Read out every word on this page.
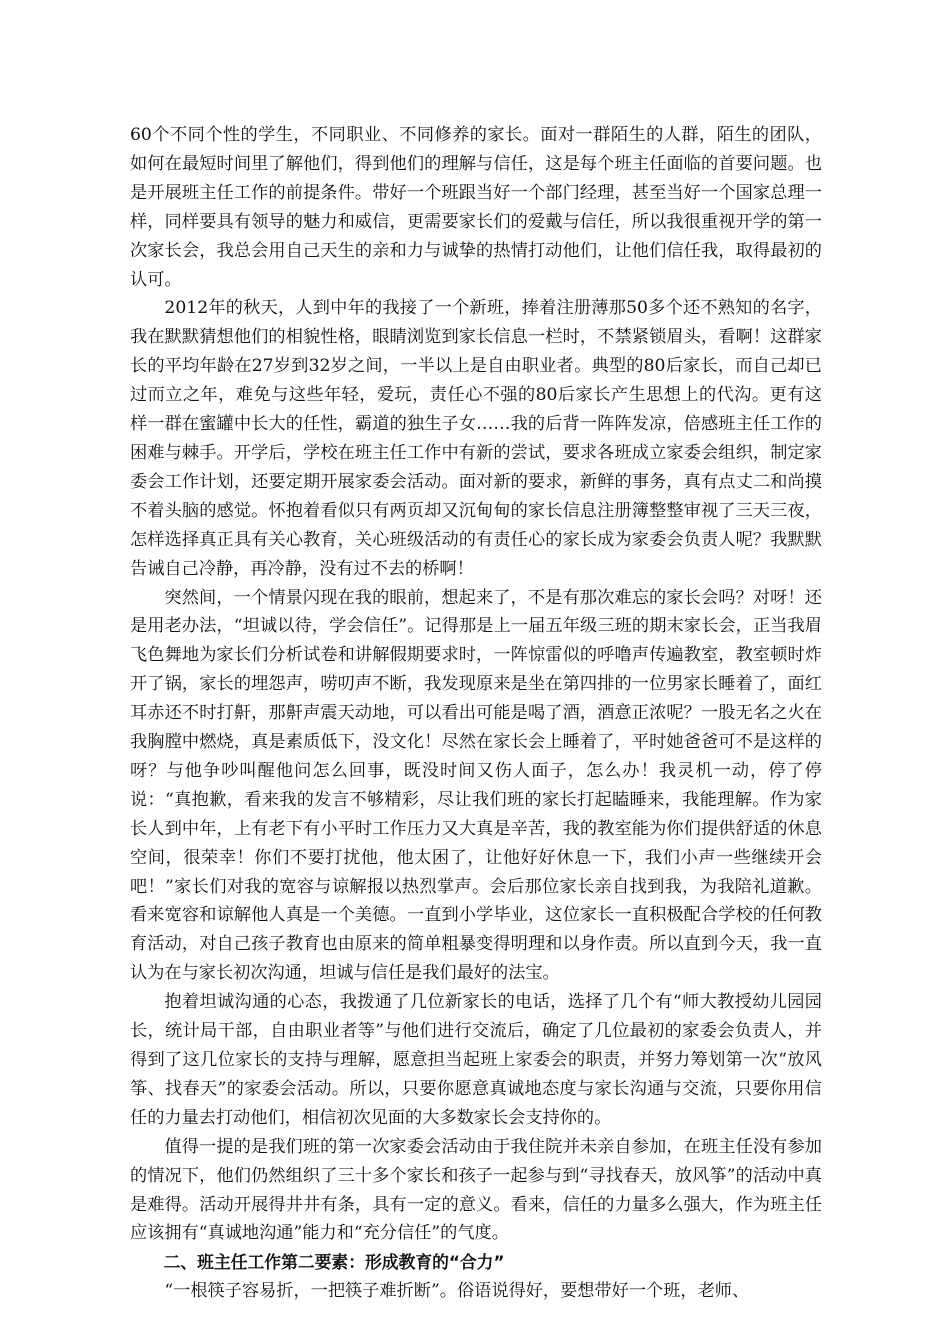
60个不同个性的学生，不同职业、不同修养的家长。面对一群陌生的人群，陌生的团队，如何在最短时间里了解他们，得到他们的理解与信任，这是每个班主任面临的首要问题。也是开展班主任工作的前提条件。带好一个班跟当好一个部门经理，甚至当好一个国家总理一样，同样要具有领导的魅力和威信，更需要家长们的爱戴与信任，所以我很重视开学的第一次家长会，我总会用自己天生的亲和力与诚挚的热情打动他们，让他们信任我，取得最初的认可。

2012年的秋天，人到中年的我接了一个新班，捧着注册薄那50多个还不熟知的名字，我在默默猜想他们的相貌性格，眼睛浏览到家长信息一栏时，不禁紧锁眉头，看啊！这群家长的平均年龄在27岁到32岁之间，一半以上是自由职业者。典型的80后家长，而自己却已过而立之年，难免与这些年轻，爱玩，责任心不强的80后家长产生思想上的代沟。更有这样一群在蜜罐中长大的任性，霸道的独生子女……我的后背一阵阵发凉，倍感班主任工作的困难与棘手。开学后，学校在班主任工作中有新的尝试，要求各班成立家委会组织，制定家委会工作计划，还要定期开展家委会活动。面对新的要求，新鲜的事务，真有点丈二和尚摸不着头脑的感觉。怀抱着看似只有两页却又沉甸甸的家长信息注册簿整整审视了三天三夜，怎样选择真正具有关心教育，关心班级活动的有责任心的家长成为家委会负责人呢？我默默告诫自己冷静，再冷静，没有过不去的桥啊！

突然间，一个情景闪现在我的眼前，想起来了，不是有那次难忘的家长会吗？对呀！还是用老办法，“坦诚以待，学会信任”。记得那是上一届五年级三班的期末家长会，正当我眉飞色舞地为家长们分析试卷和讲解假期要求时，一阵惊雷似的呼噜声传遍教室，教室顿时炸开了锅，家长的埋怨声，唠叨声不断，我发现原来是坐在第四排的一位男家长睡着了，面红耳赤还不时打鼾，那鼾声震天动地，可以看出可能是喝了酒，酒意正浓呢？一股无名之火在我胸膛中燃烧，真是素质低下，没文化！尽然在家长会上睡着了，平时她爸爸可不是这样的呀？与他争吵叫醒他问怎么回事，既没时间又伤人面子，怎么办！我灵机一动，停了停说：“真抱歉，看来我的发言不够精彩，尽让我们班的家长打起瞌睡来，我能理解。作为家长人到中年，上有老下有小平时工作压力又大真是辛苦，我的教室能为你们提供舒适的休息空间，很荣幸！你们不要打扰他，他太困了，让他好好休息一下，我们小声一些继续开会吧！”家长们对我的宽容与谅解报以热烈掌声。会后那位家长亲自找到我，为我陪礼道歉。看来宽容和谅解他人真是一个美德。一直到小学毕业，这位家长一直积极配合学校的任何教育活动，对自己孩子教育也由原来的简单粗暴变得明理和以身作责。所以直到今天，我一直认为在与家长初次沟通，坦诚与信任是我们最好的法宝。

抱着坦诚沟通的心态，我拨通了几位新家长的电话，选择了几个有“师大教授幼儿园园长，统计局干部，自由职业者等”与他们进行交流后，确定了几位最初的家委会负责人，并得到了这几位家长的支持与理解，愿意担当起班上家委会的职责，并努力筹划第一次“放风筝、找春天”的家委会活动。所以，只要你愿意真诚地态度与家长沟通与交流，只要你用信任的力量去打动他们，相信初次见面的大多数家长会支持你的。

值得一提的是我们班的第一次家委会活动由于我住院并未亲自参加，在班主任没有参加的情况下，他们仍然组织了三十多个家长和孩子一起参与到“寻找春天，放风筝”的活动中真是难得。活动开展得井井有条，具有一定的意义。看来，信任的力量多么强大，作为班主任应该拥有“真诚地沟通”能力和“充分信任”的气度。

二、班主任工作第二要素：形成教育的“合力”

“一根筷子容易折，一把筷子难折断”。俗语说得好，要想带好一个班，老师、
